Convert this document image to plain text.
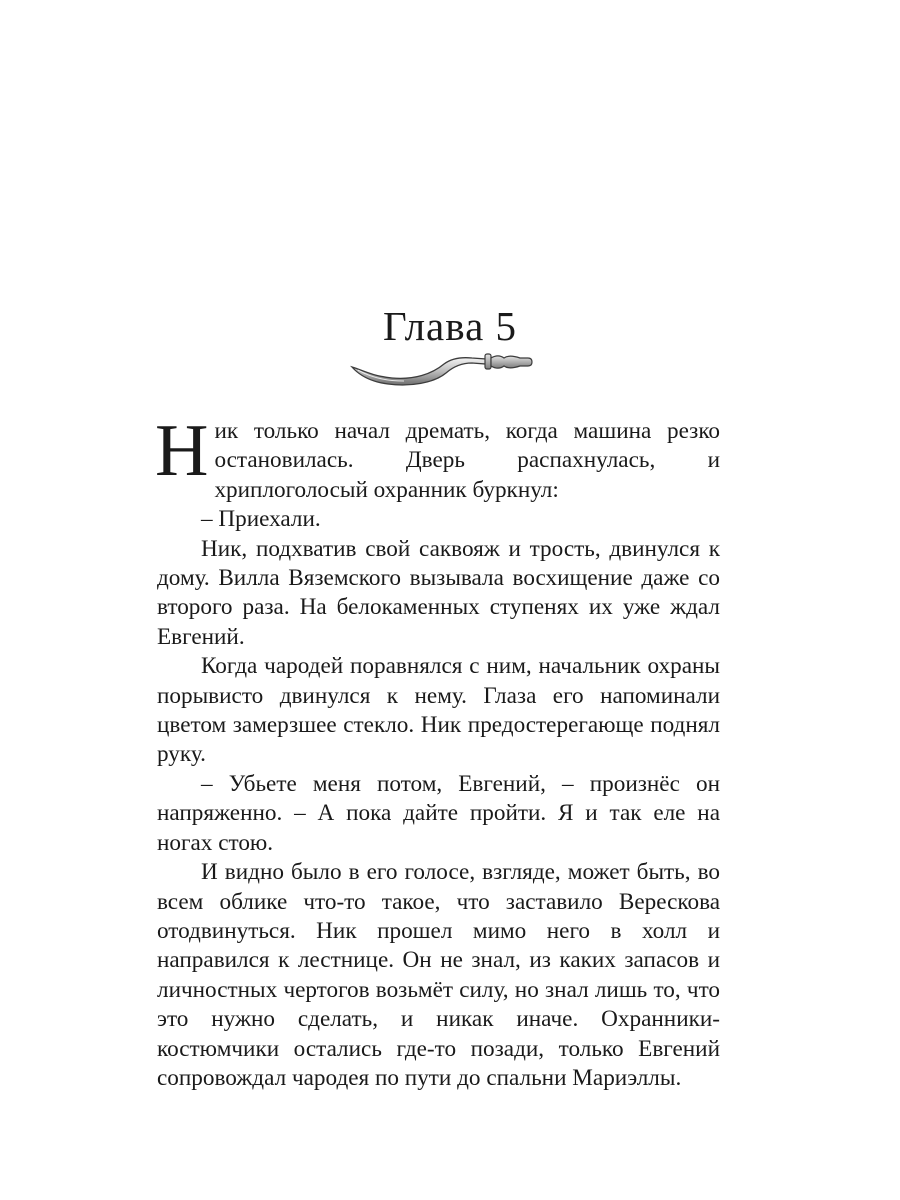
Глава 5

Ник только начал дремать, когда машина резко остановилась. Дверь распахнулась, и хриплоголосый охранник буркнул:

– Приехали.

Ник, подхватив свой саквояж и трость, двинулся к дому. Вилла Вяземского вызывала восхищение даже со второго раза. На белокаменных ступенях их уже ждал Евгений.

Когда чародей поравнялся с ним, начальник охраны порывисто двинулся к нему. Глаза его напоминали цветом замерзшее стекло. Ник предостерегающе поднял руку.

– Убьете меня потом, Евгений, – произнёс он напряженно. – А пока дайте пройти. Я и так еле на ногах стою.

И видно было в его голосе, взгляде, может быть, во всем облике что-то такое, что заставило Верескова отодвинуться. Ник прошел мимо него в холл и направился к лестнице. Он не знал, из каких запасов и личностных чертогов возьмёт силу, но знал лишь то, что это нужно сделать, и никак иначе. Охранники-костюмчики остались где-то позади, только Евгений сопровождал чародея по пути до спальни Мариэллы.
